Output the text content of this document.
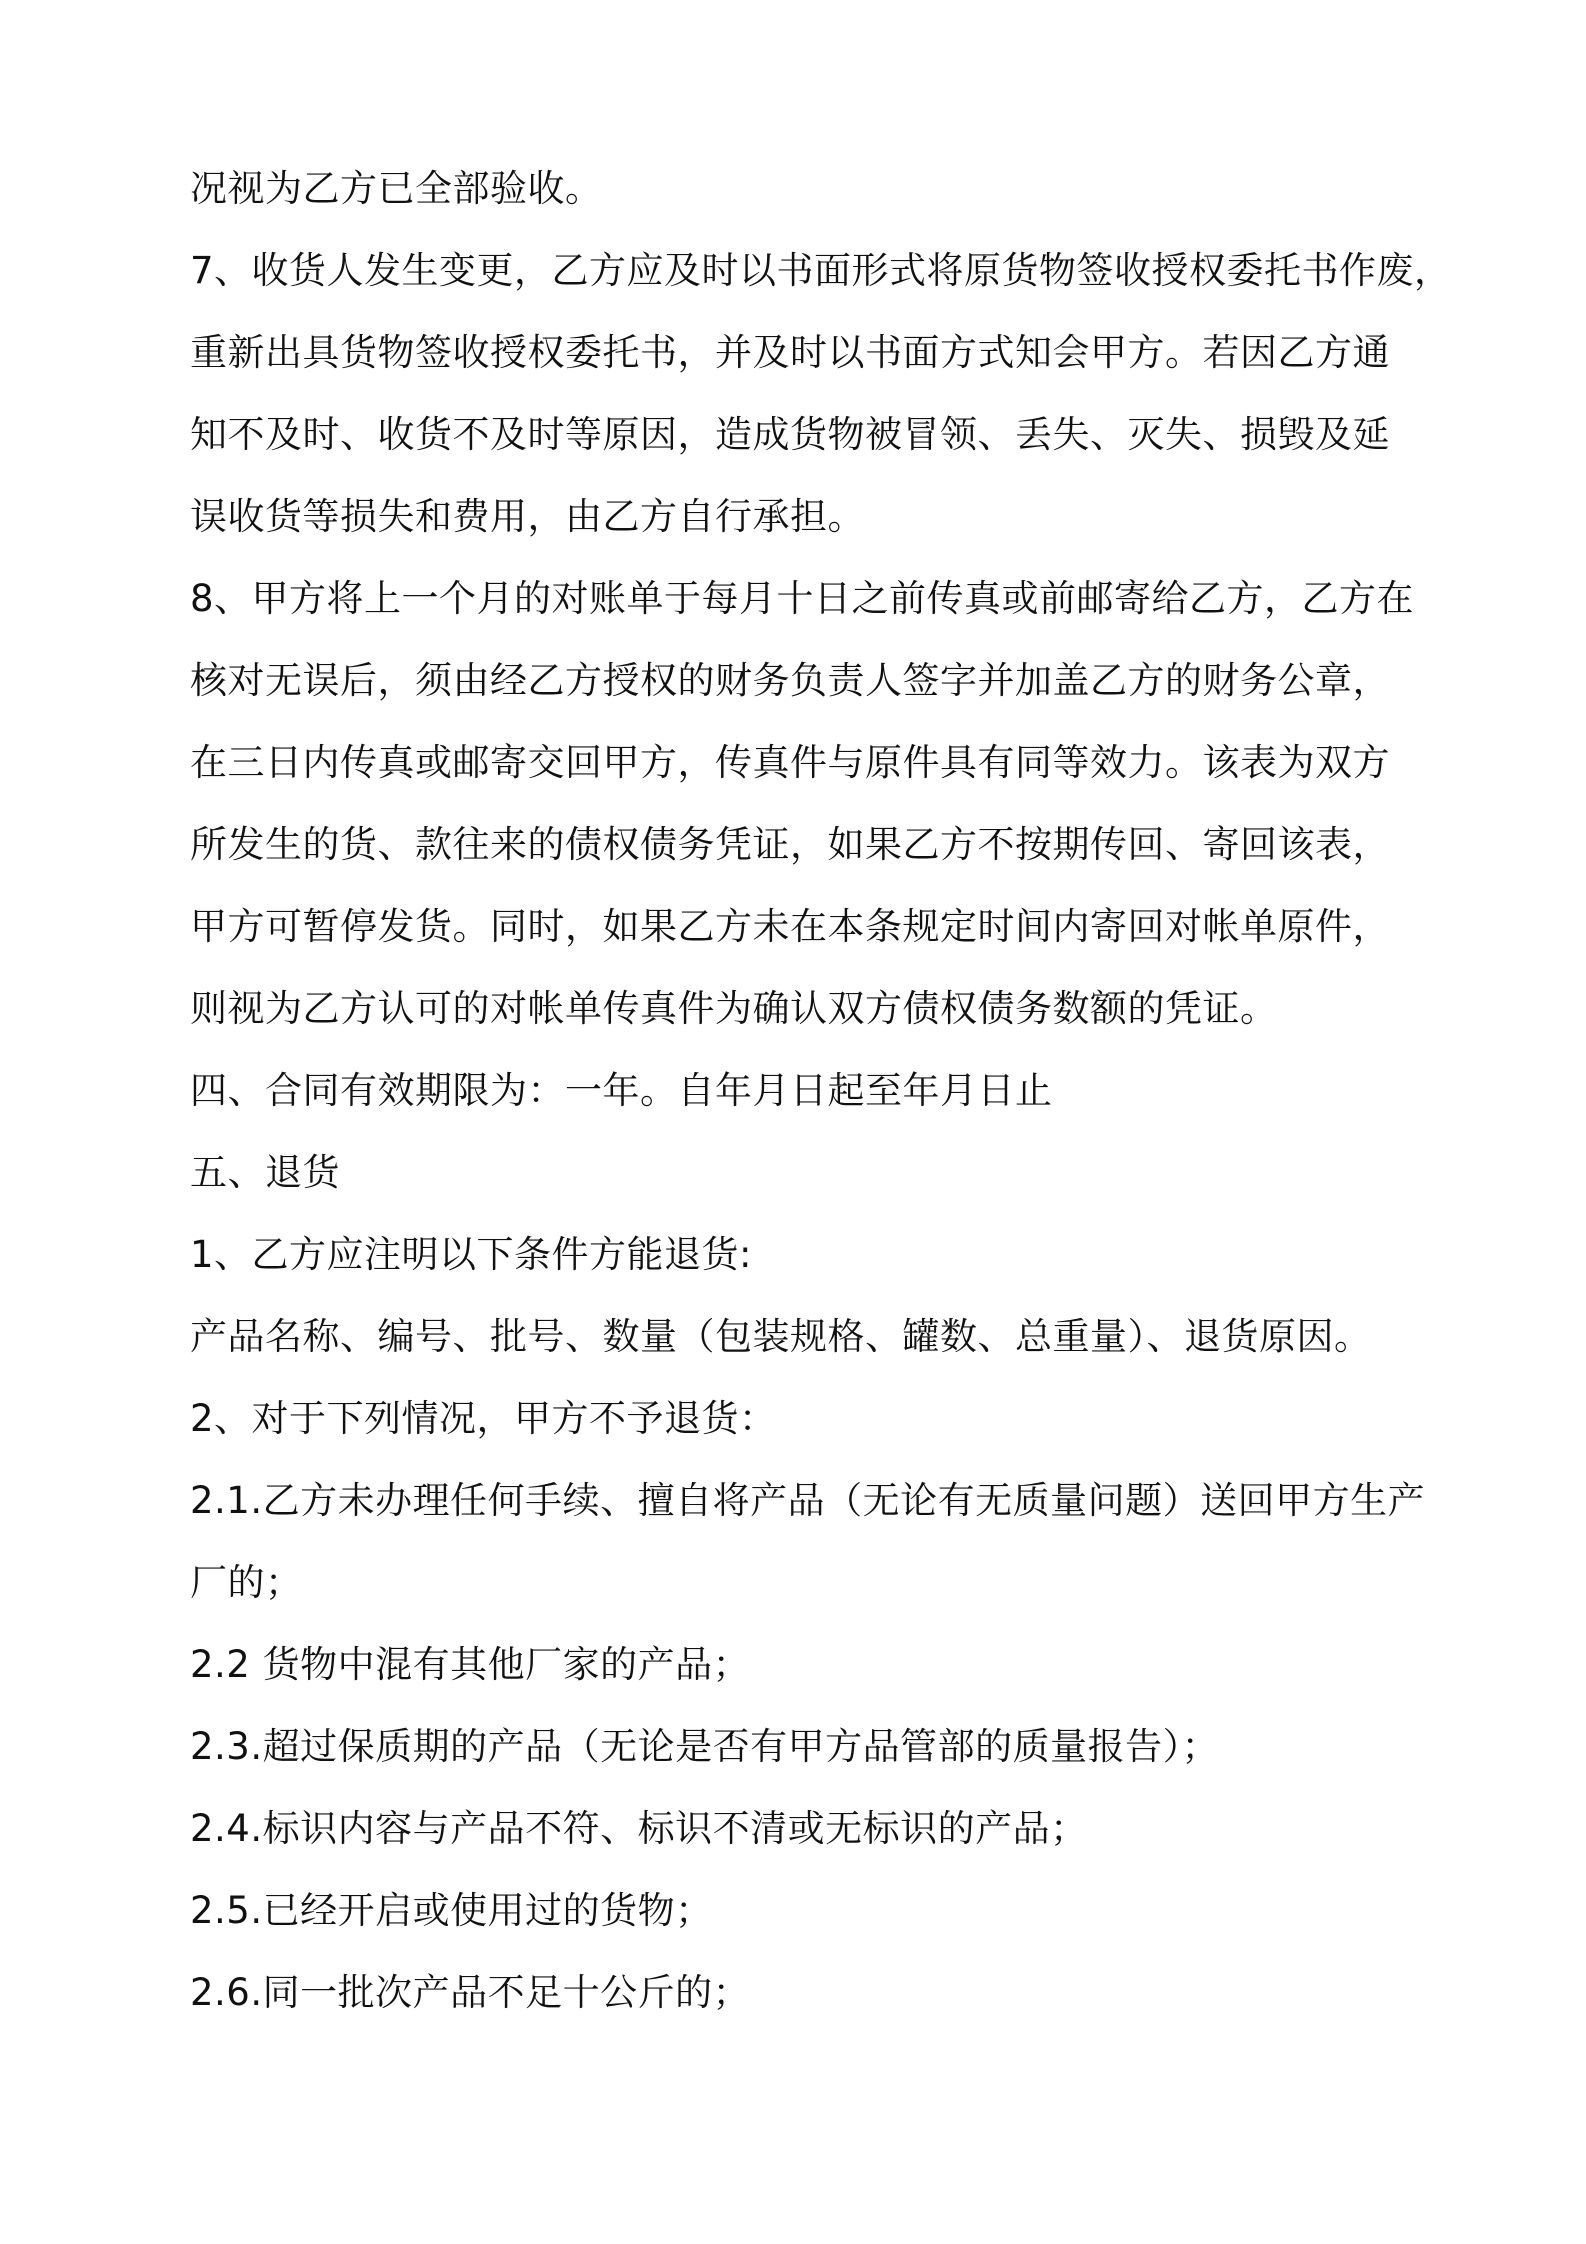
况视为乙方已全部验收。
7、收货人发生变更，乙方应及时以书面形式将原货物签收授权委托书作废，
重新出具货物签收授权委托书，并及时以书面方式知会甲方。若因乙方通
知不及时、收货不及时等原因，造成货物被冒领、丢失、灭失、损毁及延
误收货等损失和费用，由乙方自行承担。
8、甲方将上一个月的对账单于每月十日之前传真或前邮寄给乙方，乙方在
核对无误后，须由经乙方授权的财务负责人签字并加盖乙方的财务公章，
在三日内传真或邮寄交回甲方，传真件与原件具有同等效力。该表为双方
所发生的货、款往来的债权债务凭证，如果乙方不按期传回、寄回该表，
甲方可暂停发货。同时，如果乙方未在本条规定时间内寄回对帐单原件，
则视为乙方认可的对帐单传真件为确认双方债权债务数额的凭证。
四、合同有效期限为：一年。自年月日起至年月日止
五、退货
1、乙方应注明以下条件方能退货:
产品名称、编号、批号、数量（包装规格、罐数、总重量）、退货原因。
2、对于下列情况，甲方不予退货：
2.1.乙方未办理任何手续、擅自将产品（无论有无质量问题）送回甲方生产
厂的；
2.2 货物中混有其他厂家的产品；
2.3.超过保质期的产品（无论是否有甲方品管部的质量报告）；
2.4.标识内容与产品不符、标识不清或无标识的产品；
2.5.已经开启或使用过的货物；
2.6.同一批次产品不足十公斤的；
